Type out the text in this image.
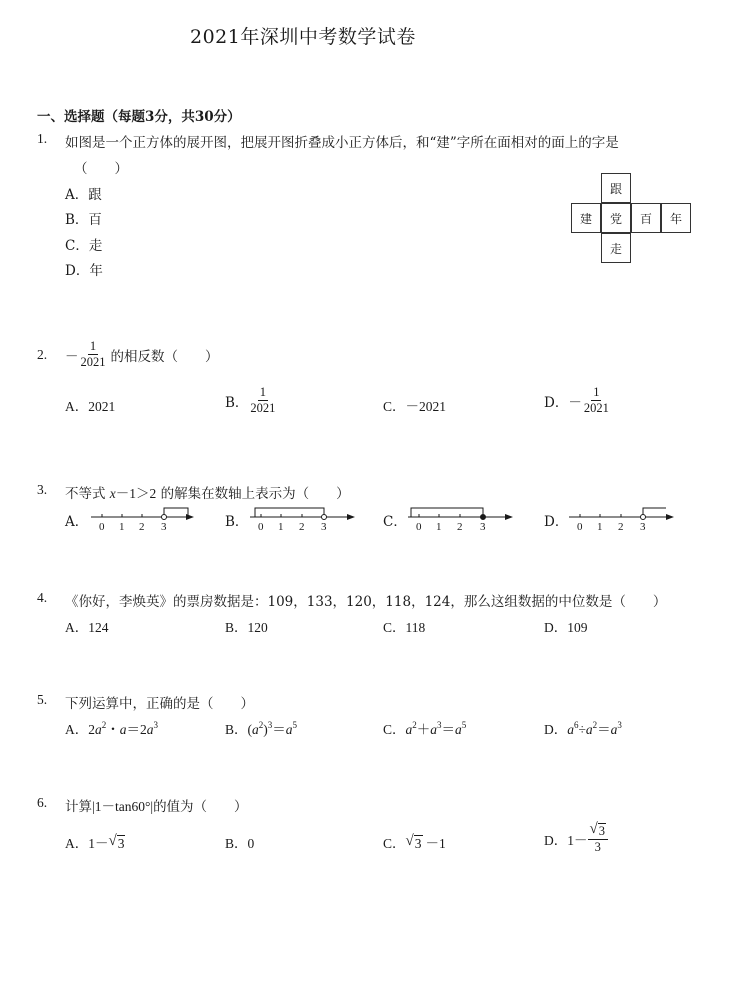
2021年深圳中考数学试卷
一、选择题（每题3分，共30分）
1. 如图是一个正方体的展开图，把展开图折叠成小正方体后，和“建”字所在面相对的面上的字是
（　　）
A．跟
B．百
C．走
D．年
跟
建	党	百	年
走
2. － $\frac{1}{2021}$ 的相反数（　　）
A．2021	B． $\frac{1}{2021}$	C．－2021	D．－ $\frac{1}{2021}$
3. 不等式 x－1＞2 的解集在数轴上表示为（　　）
A． 0 1 2 3	B． 0 1 2 3	C． 0 1 2 3	D． 0 1 2 3
4. 《你好，李焕英》的票房数据是：109，133，120，118，124，那么这组数据的中位数是（　　）
A．124	B．120	C．118	D．109
5. 下列运算中，正确的是（　　）
A．$2a^2$・$a=2a^3$	B．$(a^2)^3=a^5$	C．$a^2+a^3=a^5$	D．$a^6\div a^2=a^3$
6. 计算|1－tan60°|的值为（　　）
A． 1－ √ 3	B．0	C． √ 3 －1	D． $1- \frac{√ 3}{3}$
